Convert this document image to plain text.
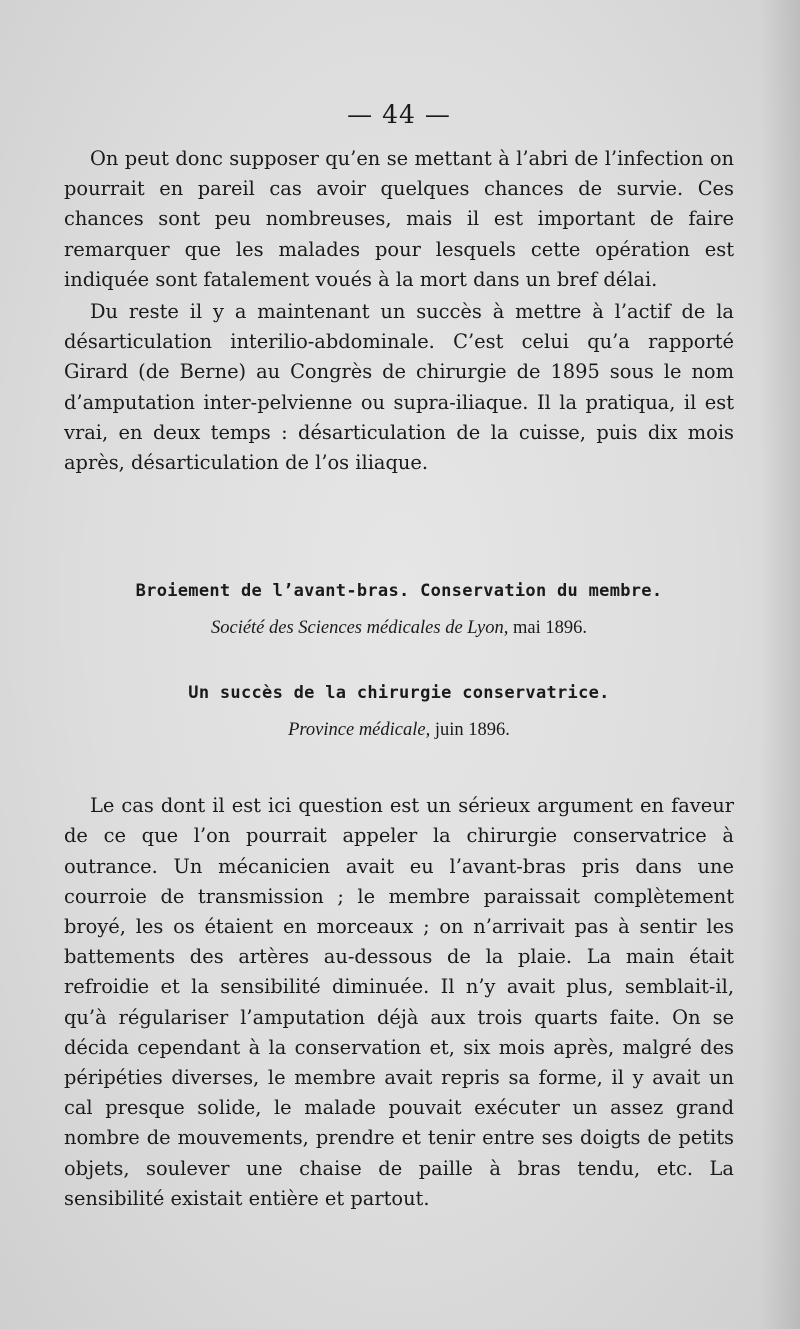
— 44 —

On peut donc supposer qu’en se mettant à l’abri de l’infection on pourrait en pareil cas avoir quelques chances de survie. Ces chances sont peu nombreuses, mais il est important de faire remarquer que les malades pour lesquels cette opération est indiquée sont fatalement voués à la mort dans un bref délai.

Du reste il y a maintenant un succès à mettre à l’actif de la désarticulation interilio-abdominale. C’est celui qu’a rapporté Girard (de Berne) au Congrès de chirurgie de 1895 sous le nom d’amputation inter-pelvienne ou supra-iliaque. Il la pratiqua, il est vrai, en deux temps : désarticulation de la cuisse, puis dix mois après, désarticulation de l’os iliaque.

Broiement de l’avant-bras. Conservation du membre.
Société des Sciences médicales de Lyon, mai 1896.
Un succès de la chirurgie conservatrice.
Province médicale, juin 1896.

Le cas dont il est ici question est un sérieux argument en faveur de ce que l’on pourrait appeler la chirurgie conservatrice à outrance. Un mécanicien avait eu l’avant-bras pris dans une courroie de transmission ; le membre paraissait complètement broyé, les os étaient en morceaux ; on n’arrivait pas à sentir les battements des artères au-dessous de la plaie. La main était refroidie et la sensibilité diminuée. Il n’y avait plus, semblait-il, qu’à régulariser l’amputation déjà aux trois quarts faite. On se décida cependant à la conservation et, six mois après, malgré des péripéties diverses, le membre avait repris sa forme, il y avait un cal presque solide, le malade pouvait exécuter un assez grand nombre de mouvements, prendre et tenir entre ses doigts de petits objets, soulever une chaise de paille à bras tendu, etc. La sensibilité existait entière et partout.
